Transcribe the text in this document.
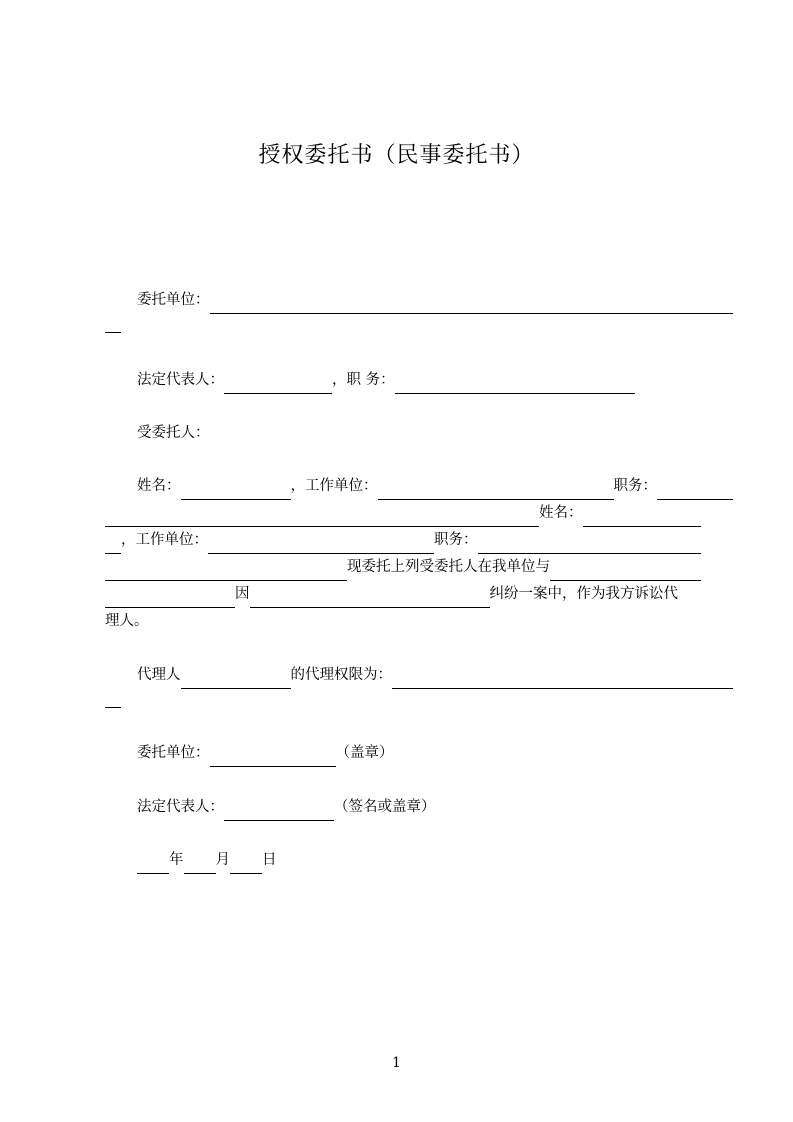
授权委托书（民事委托书）
委托单位：
法定代表人：	，职 务：
受委托人：
姓名：	，工作单位：	职务：
姓名：
，工作单位：	职务：
现委托上列受委托人在我单位与
因	纠纷一案中，作为我方诉讼代
理人。
代理人	的代理权限为：
委托单位：	（盖章）
法定代表人：	（签名或盖章）
年 月 日
1
